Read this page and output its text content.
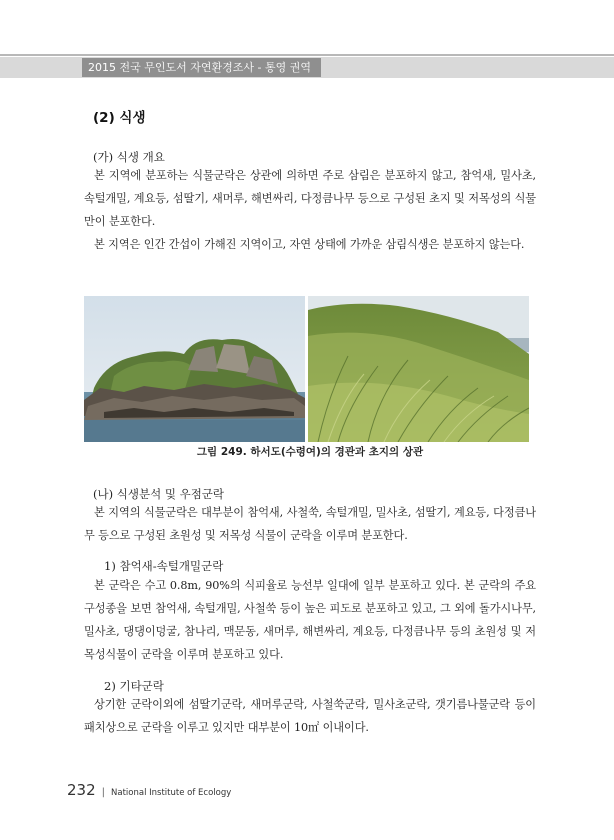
2015 전국 무인도서 자연환경조사 - 통영 권역
(2) 식생
(가) 식생 개요
본 지역에 분포하는 식물군락은 상관에 의하면 주로 삼림은 분포하지 않고, 참억새, 밀사초, 속털개밀, 계요등, 섬딸기, 새머루, 해변싸리, 다정큼나무 등으로 구성된 초지 및 저목성의 식물만이 분포한다.
본 지역은 인간 간섭이 가해진 지역이고, 자연 상태에 가까운 삼림식생은 분포하지 않는다.
그림 249. 하서도(수령여)의 경관과 초지의 상관
(나) 식생분석 및 우점군락
본 지역의 식물군락은 대부분이 참억새, 사철쑥, 속털개밀, 밀사초, 섬딸기, 계요등, 다정큼나무 등으로 구성된 초원성 및 저목성 식물이 군락을 이루며 분포한다.
1) 참억새-속털개밀군락
본 군락은 수고 0.8m, 90%의 식피율로 능선부 일대에 일부 분포하고 있다. 본 군락의 주요 구성종을 보면 참억새, 속털개밀, 사철쑥 등이 높은 피도로 분포하고 있고, 그 외에 돌가시나무, 밀사초, 댕댕이덩굴, 참나리, 맥문동, 새머루, 해변싸리, 계요등, 다정큼나무 등의 초원성 및 저목성식물이 군락을 이루며 분포하고 있다.
2) 기타군락
상기한 군락이외에 섬딸기군락, 새머루군락, 사철쑥군락, 밀사초군락, 갯기름나물군락 등이 패치상으로 군락을 이루고 있지만 대부분이 10㎡ 이내이다.
232 | National Institute of Ecology
